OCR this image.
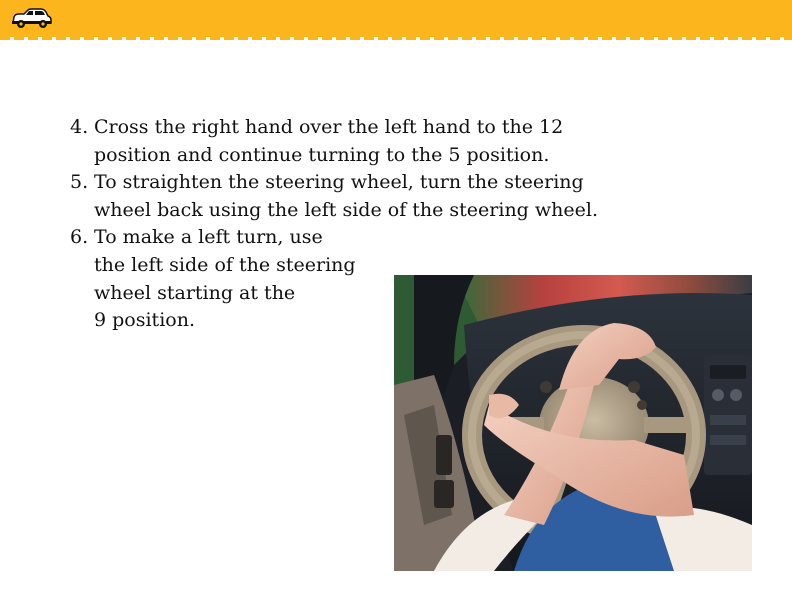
4. Cross the right hand over the left hand to the 12
position and continue turning to the 5 position.
5. To straighten the steering wheel, turn the steering
wheel back using the left side of the steering wheel.
6. To make a left turn, use
the left side of the steering
wheel starting at the
9 position.
